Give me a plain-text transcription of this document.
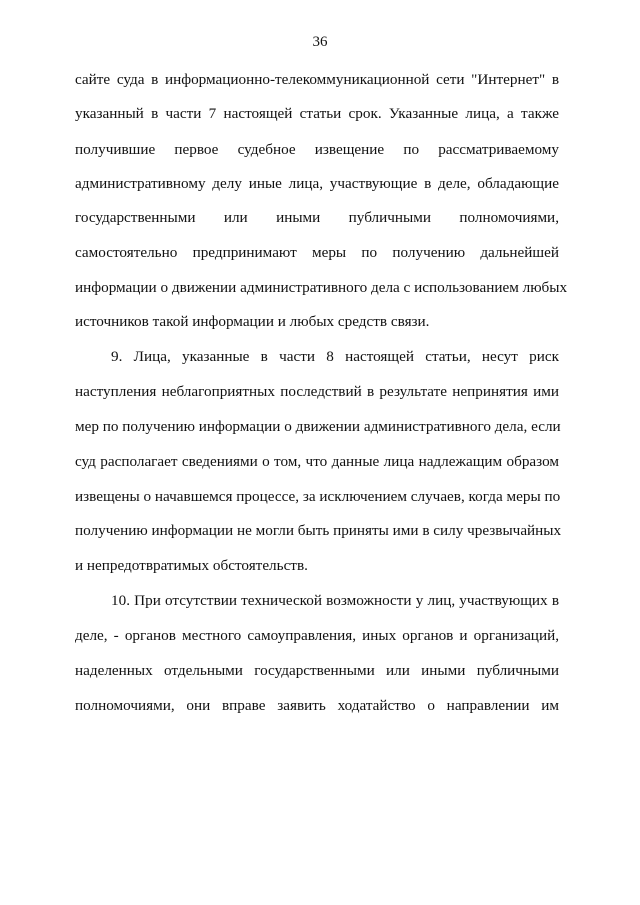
36
сайте суда в информационно-телекоммуникационной сети "Интернет" в
указанный в части 7 настоящей статьи срок. Указанные лица, а также
получившие первое судебное извещение по рассматриваемому
административному делу иные лица, участвующие в деле, обладающие
государственными или иными публичными полномочиями,
самостоятельно предпринимают меры по получению дальнейшей
информации о движении административного дела с использованием любых
источников такой информации и любых средств связи.
9. Лица, указанные в части 8 настоящей статьи, несут риск
наступления неблагоприятных последствий в результате непринятия ими
мер по получению информации о движении административного дела, если
суд располагает сведениями о том, что данные лица надлежащим образом
извещены о начавшемся процессе, за исключением случаев, когда меры по
получению информации не могли быть приняты ими в силу чрезвычайных
и непредотвратимых обстоятельств.
10. При отсутствии технической возможности у лиц, участвующих в
деле, - органов местного самоуправления, иных органов и организаций,
наделенных отдельными государственными или иными публичными
полномочиями, они вправе заявить ходатайство о направлении им
